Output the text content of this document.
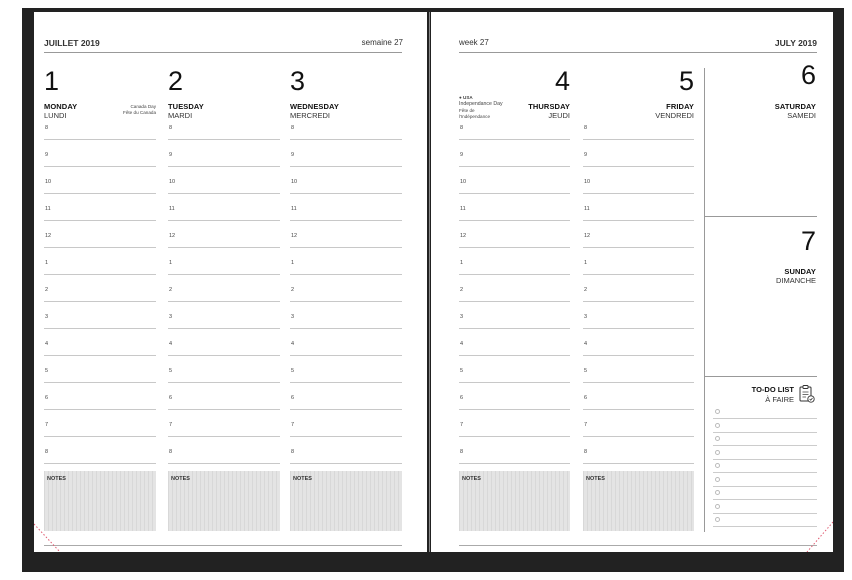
JUILLET 2019	semaine 27
1
MONDAY
LUNDI
Canada Day
Fête du Canada
2
TUESDAY
MARDI
3
WEDNESDAY
MERCREDI
8	8	8
9	9	9
10	10	10
11	11	11
12	12	12
1	1	1
2	2	2
3	3	3
4	4	4
5	5	5
6	6	6
7	7	7
8	8	8
NOTES	NOTES	NOTES
week 27	JULY 2019
4
THURSDAY
JEUDI
● USA
Independance Day
Fête de
l'Indépendance
5
FRIDAY
VENDREDI
8	8
9	9
10	10
11	11
12	12
1	1
2	2
3	3
4	4
5	5
6	6
7	7
8	8
NOTES	NOTES
6
SATURDAY
SAMEDI
7
SUNDAY
DIMANCHE
TO-DO LIST
À FAIRE
